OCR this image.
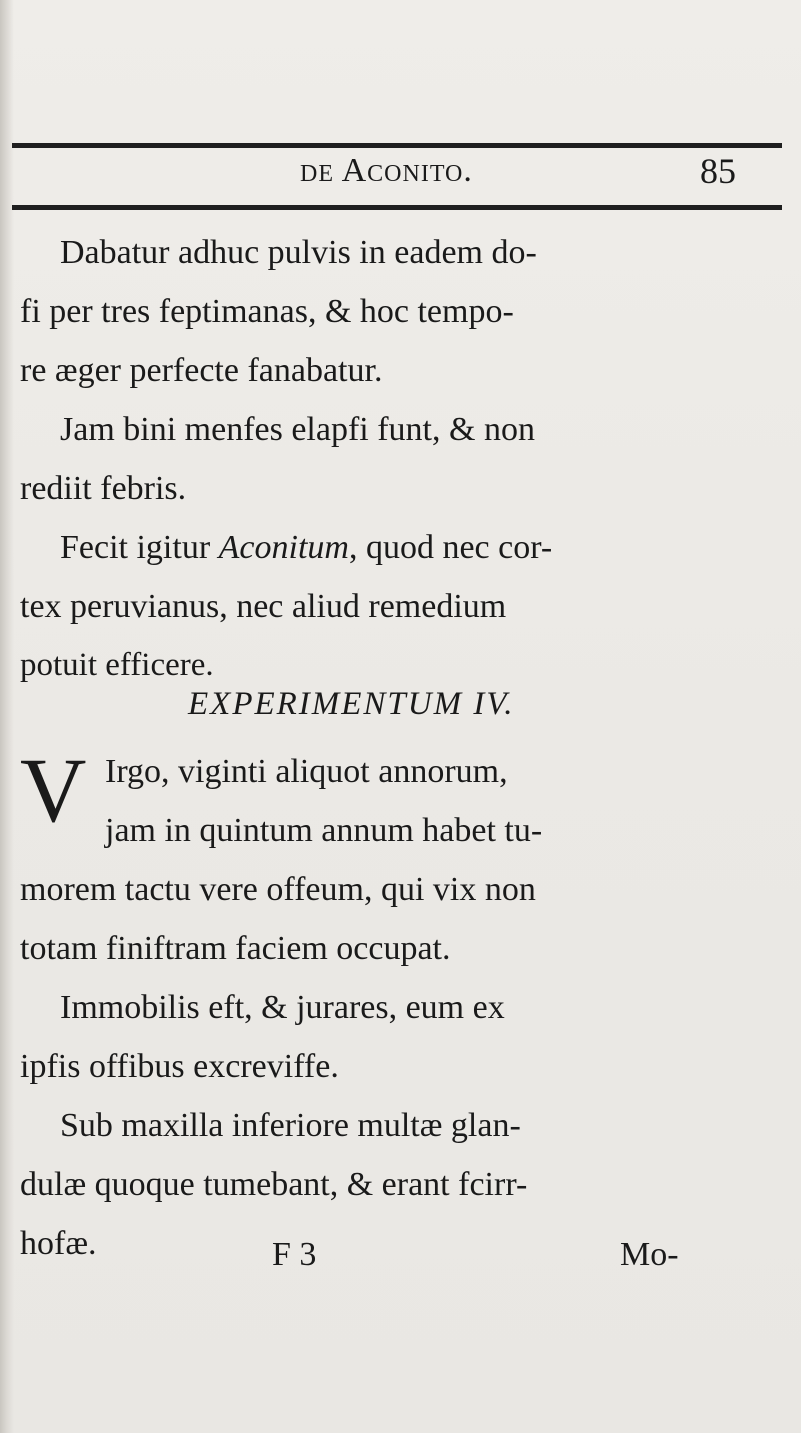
de Aconito.	85
Dabatur adhuc pulvis in eadem do-
fi per tres feptimanas, & hoc tempo-
re æger perfecte fanabatur.
Jam bini menfes elapfi funt, & non
rediit febris.
Fecit igitur Aconitum, quod nec cor-
tex peruvianus, nec aliud remedium
potuit efficere.
EXPERIMENTUM IV.
V Irgo, viginti aliquot annorum,
jam in quintum annum habet tu-
morem tactu vere offeum, qui vix non
totam finiftram faciem occupat.
Immobilis eft, & jurares, eum ex
ipfis offibus excreviffe.
Sub maxilla inferiore multæ glan-
dulæ quoque tumebant, & erant fcirr-
hofæ.	F 3	Mo-
